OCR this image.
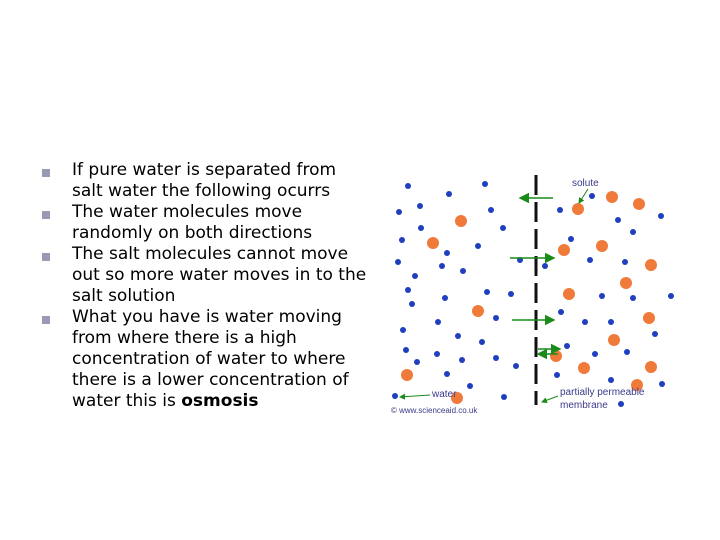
If pure water is separated from salt water the following ocurrs
The water molecules move randomly on both directions
The salt molecules cannot move out so more water moves in to the salt solution
What you have is water moving from where there is a high concentration of water to where there is a lower concentration of water this is osmosis
solute
water	partially permeable
membrane
© www.scienceaid.co.uk
